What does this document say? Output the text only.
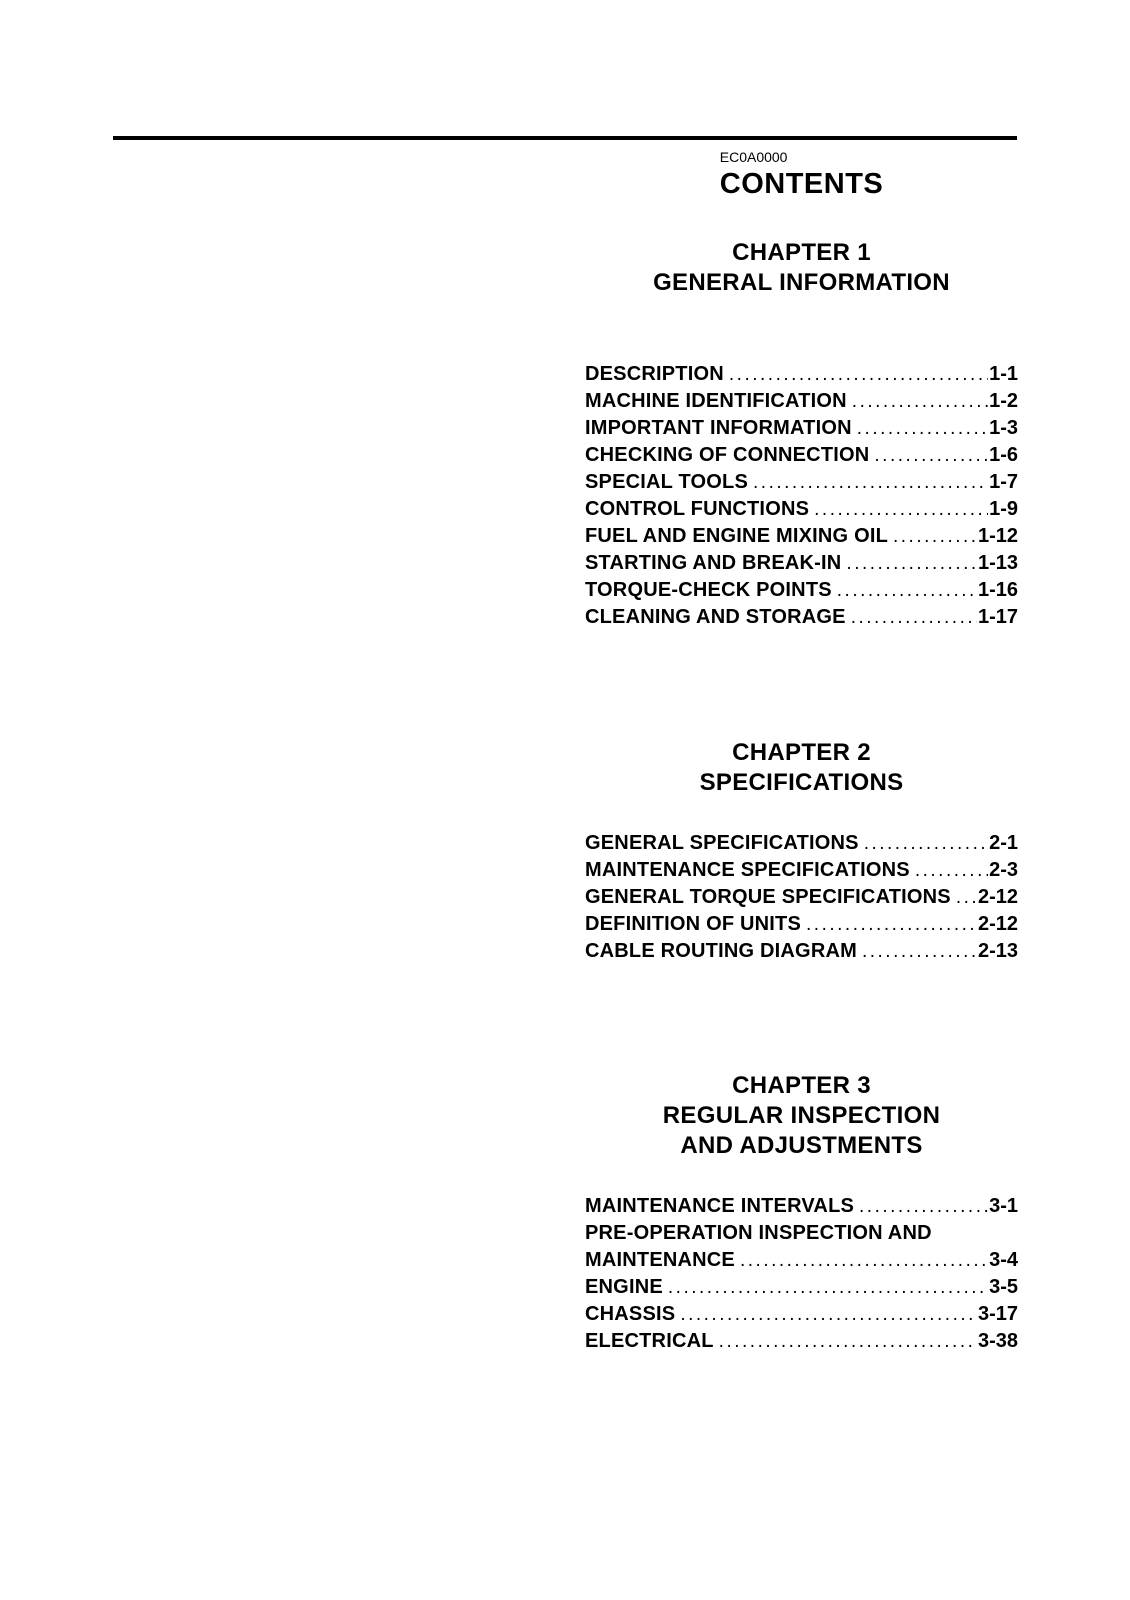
EC0A0000
CONTENTS
CHAPTER 1
GENERAL INFORMATION
DESCRIPTION .....	1-1
MACHINE IDENTIFICATION .....	1-2
IMPORTANT INFORMATION .....	1-3
CHECKING OF CONNECTION .....	1-6
SPECIAL TOOLS .....	1-7
CONTROL FUNCTIONS .....	1-9
FUEL AND ENGINE MIXING OIL .....	1-12
STARTING AND BREAK-IN .....	1-13
TORQUE-CHECK POINTS .....	1-16
CLEANING AND STORAGE .....	1-17
CHAPTER 2
SPECIFICATIONS
GENERAL SPECIFICATIONS .....	2-1
MAINTENANCE SPECIFICATIONS .....	2-3
GENERAL TORQUE SPECIFICATIONS ..... 2-12
DEFINITION OF UNITS .....	2-12
CABLE ROUTING DIAGRAM .....	2-13
CHAPTER 3
REGULAR INSPECTION
AND ADJUSTMENTS
MAINTENANCE INTERVALS .....	3-1
PRE-OPERATION INSPECTION AND
MAINTENANCE .....	3-4
ENGINE .....	3-5
CHASSIS .....	3-17
ELECTRICAL .....	3-38
